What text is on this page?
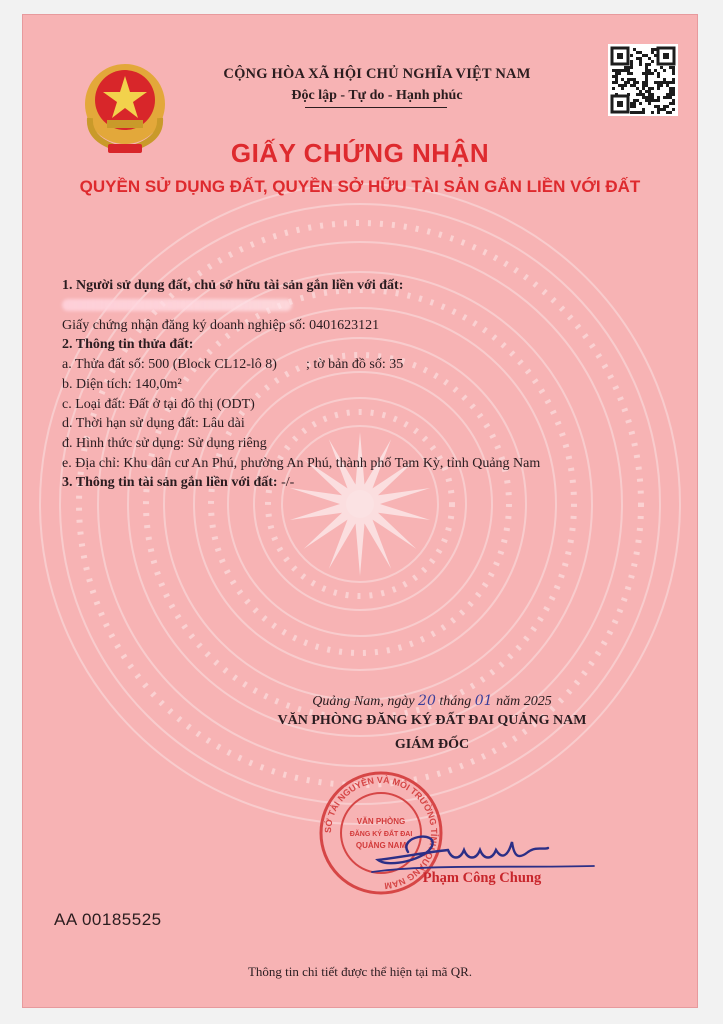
CỘNG HÒA XÃ HỘI CHỦ NGHĨA VIỆT NAM
Độc lập - Tự do - Hạnh phúc
GIẤY CHỨNG NHẬN
QUYỀN SỬ DỤNG ĐẤT, QUYỀN SỞ HỮU TÀI SẢN GẮN LIỀN VỚI ĐẤT
1. Người sử dụng đất, chủ sở hữu tài sản gắn liền với đất:
Giấy chứng nhận đăng ký doanh nghiệp số: 0401623121
2. Thông tin thửa đất:
a. Thửa đất số: 500 (Block CL12-lô 8) ; tờ bản đồ số: 35
b. Diện tích: 140,0m²
c. Loại đất: Đất ở tại đô thị (ODT)
d. Thời hạn sử dụng đất: Lâu dài
đ. Hình thức sử dụng: Sử dụng riêng
e. Địa chỉ: Khu dân cư An Phú, phường An Phú, thành phố Tam Kỳ, tỉnh Quảng Nam
3. Thông tin tài sản gắn liền với đất: -/-
Quảng Nam, ngày 20 tháng 01 năm 2025
VĂN PHÒNG ĐĂNG KÝ ĐẤT ĐAI QUẢNG NAM
GIÁM ĐỐC
SỞ TÀI NGUYÊN VÀ MÔI TRƯỜNG TỈNH QUẢNG NAM
VĂN PHÒNG
ĐĂNG KÝ ĐẤT ĐAI
QUẢNG NAM
Phạm Công Chung
AA 00185525
Thông tin chi tiết được thể hiện tại mã QR.
